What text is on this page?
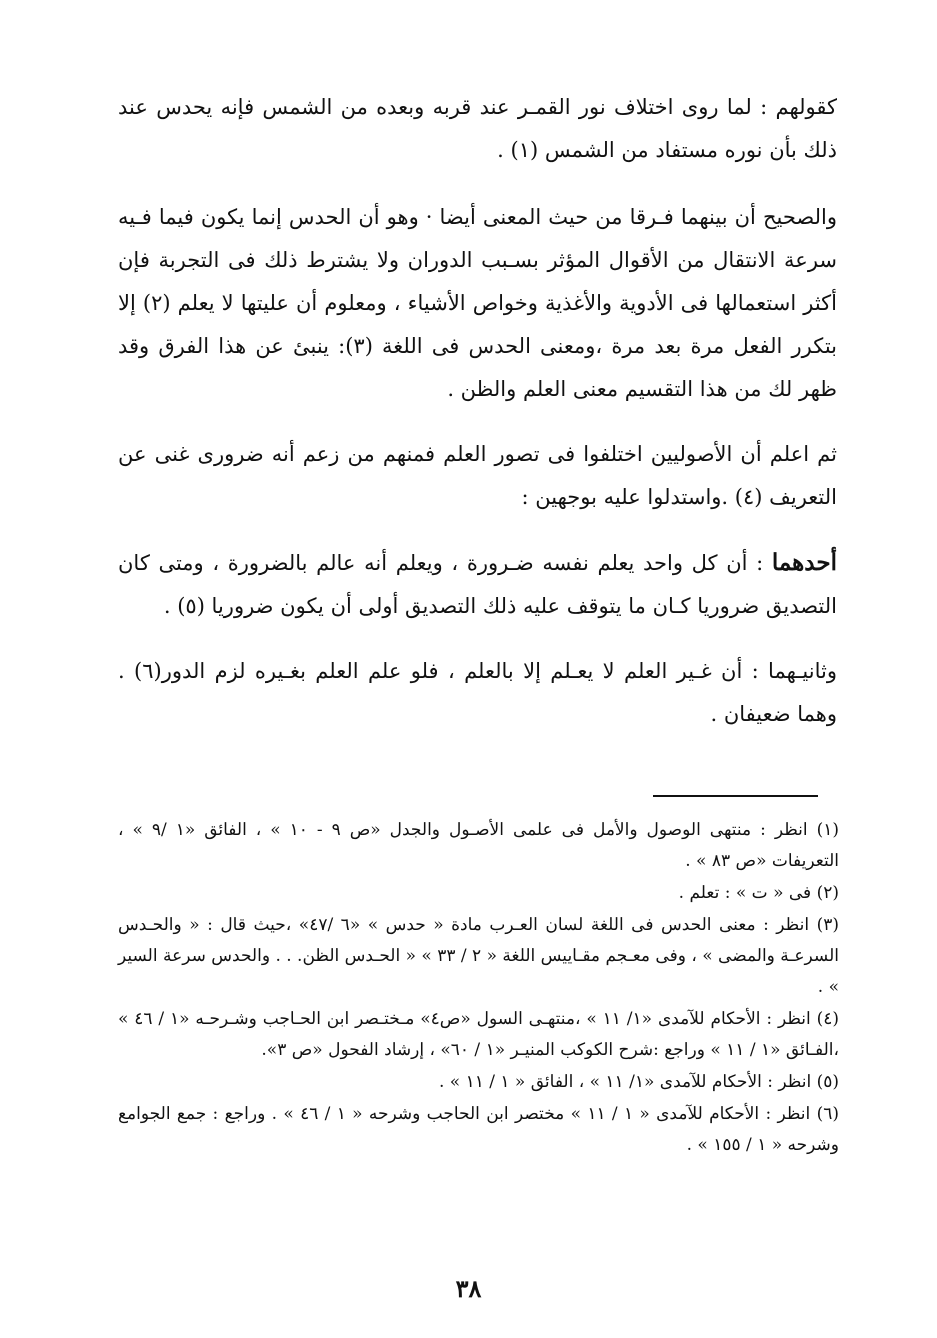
كقولهم : لما روى اختلاف نور القمـر عند قربه وبعده من الشمس فإنه يحدس عند ذلك بأن نوره مستفاد من الشمس (١) .

والصحيح أن بينهما فـرقا من حيث المعنى أيضا · وهو أن الحدس إنما يكون فيما فـيه سرعة الانتقال من الأقوال المؤثر بسـبب الدوران ولا يشترط ذلك فى التجربة فإن أكثر استعمالها فى الأدوية والأغذية وخواص الأشياء ، ومعلوم أن عليتها لا يعلم (٢) إلا بتكرر الفعل مرة بعد مرة ،ومعنى الحدس فى اللغة (٣): ينبئ عن هذا الفرق وقد ظهر لك من هذا التقسيم معنى العلم والظن .

ثم اعلم أن الأصوليين اختلفوا فى تصور العلم فمنهم من زعم أنه ضرورى غنى عن التعريف (٤) .واستدلوا عليه بوجهين :

أحدهما : أن كل واحد يعلم نفسه ضـرورة ، ويعلم أنه عالم بالضرورة ، ومتى كان التصديق ضروريا كـان ما يتوقف عليه ذلك التصديق أولى أن يكون ضروريا (٥) .

وثانيـهما : أن غـير العلم لا يعـلم إلا بالعلم ، فلو علم العلم بغـيره لزم الدور(٦) . وهما ضعيفان .

(١) انظر : منتهى الوصول والأمل فى علمى الأصـول والجدل «ص ٩ - ١٠ » ، الفائق «١ /٩ » ، التعريفات «ص ٨٣ » .
(٢) فى « ت » : تعلم .
(٣) انظر : معنى الحدس فى اللغة لسان العـرب مادة « حدس » «٦ /٤٧» ،حيث قال : « والحـدس السرعـة والمضى » ، وفى معـجم مقـاييس اللغة « ٢ / ٣٣ » « الحـدس الظن. . . والحدس سرعة السير » .
(٤) انظر : الأحكام للآمدى «١/ ١١ » ،منتهـى السول «ص٤» مـختـصر ابن الحـاجب وشـرحـه «١ / ٤٦ » ،الفـائق «١ / ١١ » وراجع :شرح الكوكب المنيـر «١ / ٦٠» ، إرشاد الفحول «ص ٣».
(٥) انظر : الأحكام للآمدى «١/ ١١ » ، الفائق « ١ / ١١ » .
(٦) انظر : الأحكام للآمدى « ١ / ١١ » مختصر ابن الحاجب وشرحه « ١ / ٤٦ » . وراجع : جمع الجوامع وشرحه « ١ / ١٥٥ » .
٣٨
